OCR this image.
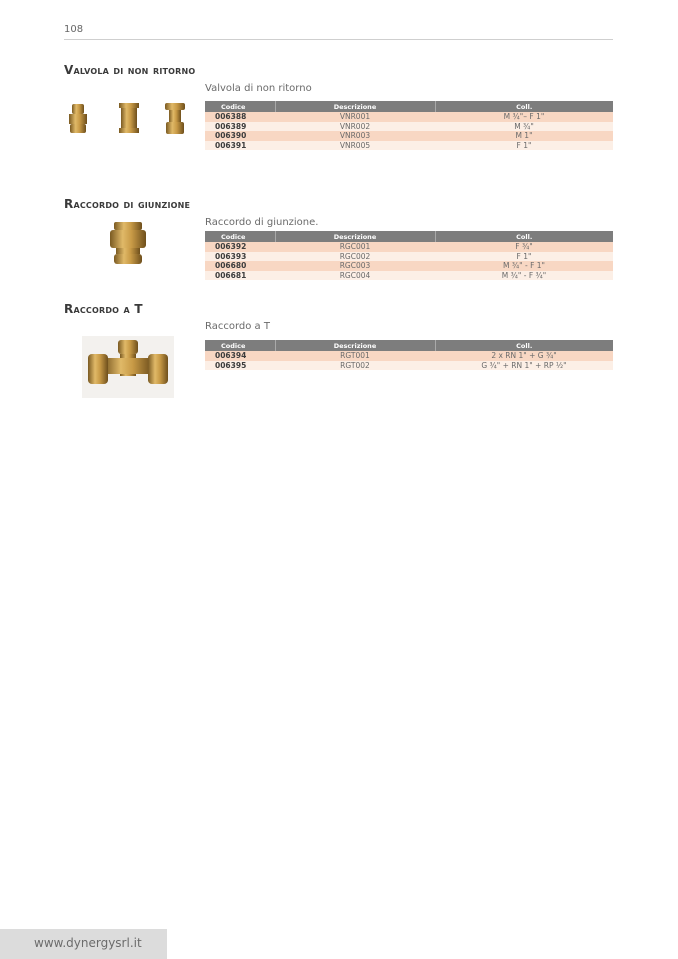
108
Valvola di non ritorno
Valvola di non ritorno
Codice	Descrizione	Coll.
006388	VNR001	M ¾"– F 1"
006389	VNR002	M ¾"
006390	VNR003	M 1"
006391	VNR005	F 1"
Raccordo di giunzione
Raccordo di giunzione.
Codice	Descrizione	Coll.
006392	RGC001	F ¾"
006393	RGC002	F 1"
006680	RGC003	M ¾" - F 1"
006681	RGC004	M ¾" - F ¾"
Raccordo a T
Raccordo a T
Codice	Descrizione	Coll.
006394	RGT001	2 x RN 1" + G ¾"
006395	RGT002	G ¾" + RN 1" + RP ½"
www.dynergysrl.it
